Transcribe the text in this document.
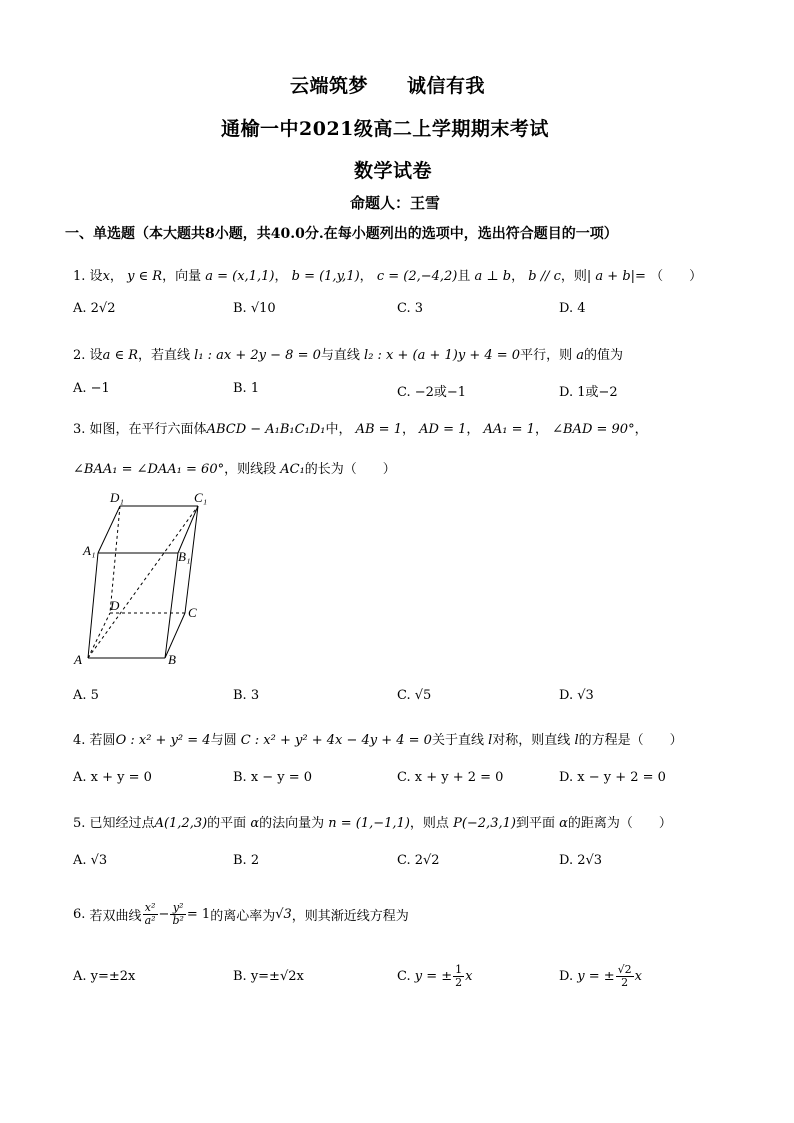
云端筑梦　　诚信有我
通榆一中2021级高二上学期期末考试
数学试卷
命题人：王雪
一、单选题（本大题共8小题，共40.0分.在每小题列出的选项中，选出符合题目的一项）
1. 设x， y ∈ R，向量 a = (x,1,1)， b = (1,y,1)， c = (2,−4,2)且 a ⊥ b， b // c，则| a + b|= （　　）
A. 2√2	B. √10	C. 3	D. 4
2. 设a ∈ R，若直线 l₁ : ax + 2y − 8 = 0与直线 l₂ : x + (a + 1)y + 4 = 0平行，则 a的值为
A. −1	B. 1	C. −2或−1	D. 1或−2
3. 如图，在平行六面体ABCD − A₁B₁C₁D₁中， AB = 1， AD = 1， AA₁ = 1， ∠BAD = 90°，
∠BAA₁ = ∠DAA₁ = 60°，则线段 AC₁的长为（　　）
D₁	C₁
A₁	B₁
D	C
A	B
A. 5	B. 3	C. √5	D. √3
4. 若圆O : x² + y² = 4与圆 C : x² + y² + 4x − 4y + 4 = 0关于直线 l对称，则直线 l的方程是（　　）
A. x + y = 0	B. x − y = 0	C. x + y + 2 = 0	D. x − y + 2 = 0
5. 已知经过点A(1,2,3)的平面 α的法向量为 n = (1,−1,1)，则点 P(−2,3,1)到平面 α的距离为（　　）
A. √3	B. 2	C. 2√2	D. 2√3
6.
若双曲线 $\frac{\text{x²}}{\text{a²}} - \frac{\text{y²}}{\text{b²}} = 1$ 的离心率为 √3 ，则其渐近线方程为
A. y=±2x	B. y=±√2x	C.
y = ± $\frac{1}{2}$ x	D.
y = ± $\frac{√2}{2}$ x
